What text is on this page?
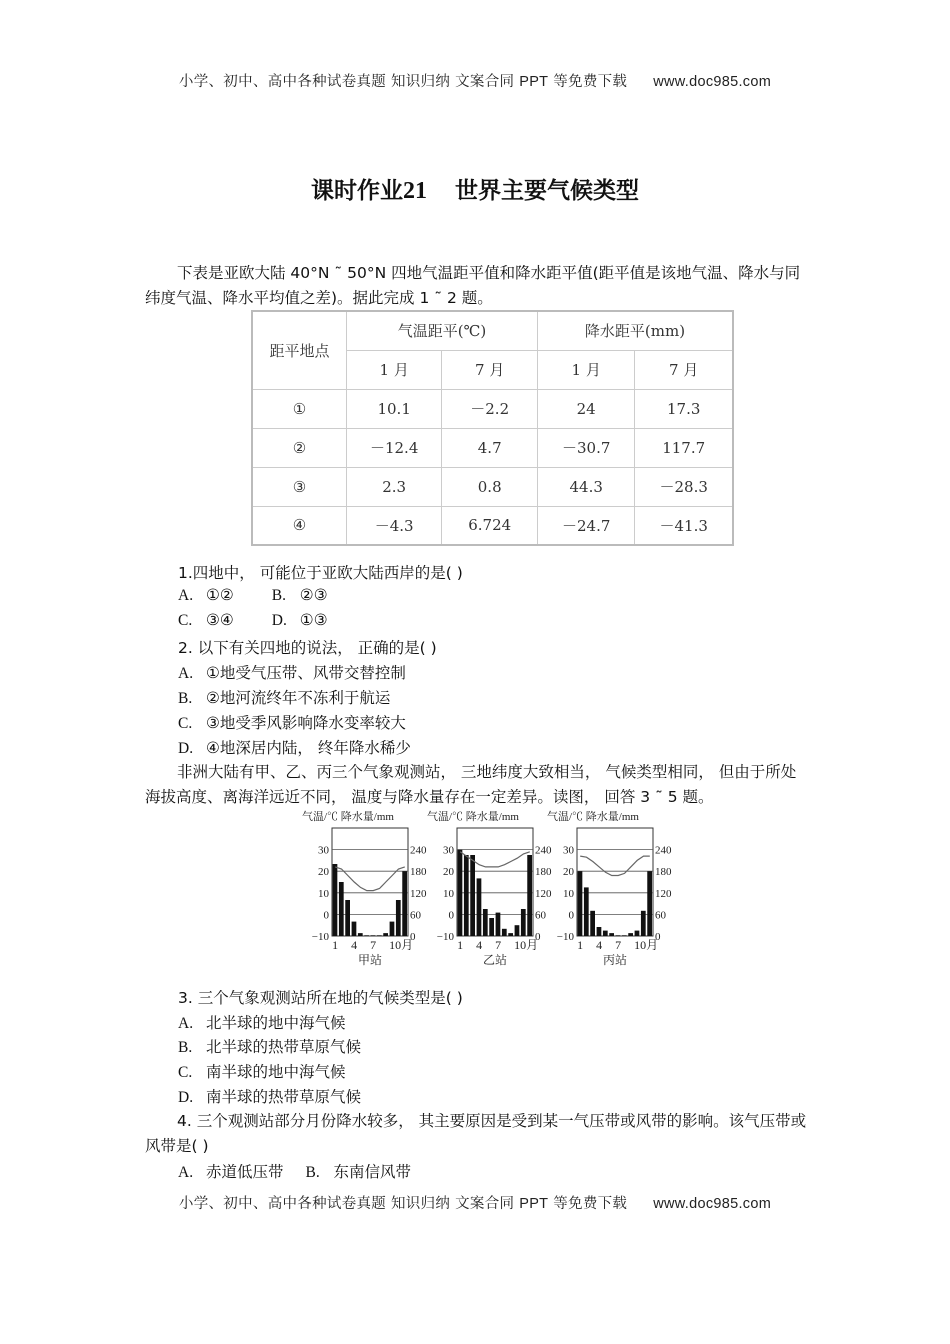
小学、初中、高中各种试卷真题 知识归纳 文案合同 PPT 等免费下载 www.doc985.com
课时作业21 世界主要气候类型
下表是亚欧大陆 40°N ˜ 50°N 四地气温距平值和降水距平值(距平值是该地气温、降水与同纬度气温、降水平均值之差)。据此完成 1 ˜ 2 题。
距平地点	气温距平(℃)		降水距平(mm)	
	1 月	7 月	1 月	7 月
①	10.1	－2.2	24	17.3
②	－12.4	4.7	－30.7	117.7
③	2.3	0.8	44.3	－28.3
④	－4.3	6.724	－24.7	－41.3
1.四地中， 可能位于亚欧大陆西岸的是( )
A. ①② B. ②③
C. ③④ D. ①③
2. 以下有关四地的说法， 正确的是( )
A. ①地受气压带、风带交替控制
B. ②地河流终年不冻利于航运
C. ③地受季风影响降水变率较大
D. ④地深居内陆， 终年降水稀少
非洲大陆有甲、乙、丙三个气象观测站， 三地纬度大致相当， 气候类型相同， 但由于所处海拔高度、离海洋远近不同， 温度与降水量存在一定差异。读图， 回答 3 ˜ 5 题。
气温/℃ 降水量/mm
30
20
10
0
−10
240
180
120
60
0
1 4 7 10月
甲站
气温/℃ 降水量/mm
30
20
10
0
−10
240
180
120
60
0
1 4 7 10月
乙站
气温/℃ 降水量/mm
30
20
10
0
−10
240
180
120
60
0
1 4 7 10月
丙站
3. 三个气象观测站所在地的气候类型是( )
A. 北半球的地中海气候
B. 北半球的热带草原气候
C. 南半球的地中海气候
D. 南半球的热带草原气候
4. 三个观测站部分月份降水较多， 其主要原因是受到某一气压带或风带的影响。该气压带或风带是( )
A. 赤道低压带 B. 东南信风带
小学、初中、高中各种试卷真题 知识归纳 文案合同 PPT 等免费下载 www.doc985.com
